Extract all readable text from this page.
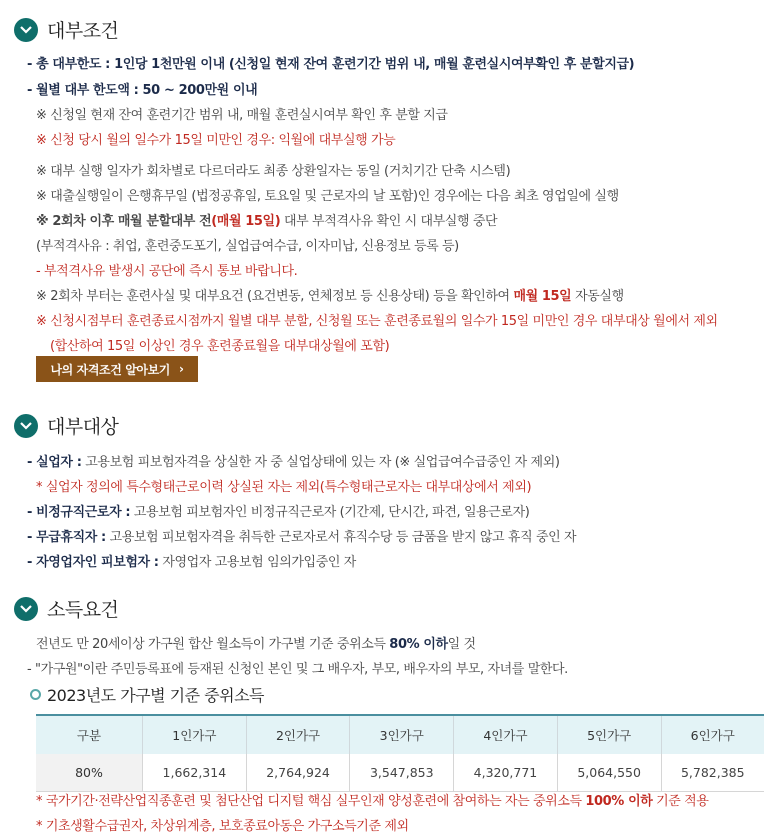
대부조건
- 총 대부한도 : 1인당 1천만원 이내 (신청일 현재 잔여 훈련기간 범위 내, 매월 훈련실시여부확인 후 분할지급)
- 월별 대부 한도액 : 50 ~ 200만원 이내
※ 신청일 현재 잔여 훈련기간 범위 내, 매월 훈련실시여부 확인 후 분할 지급
※ 신청 당시 월의 일수가 15일 미만인 경우: 익월에 대부실행 가능
※ 대부 실행 일자가 회차별로 다르더라도 최종 상환일자는 동일 (거치기간 단축 시스템)
※ 대출실행일이 은행휴무일 (법정공휴일, 토요일 및 근로자의 날 포함)인 경우에는 다음 최초 영업일에 실행
※ 2회차 이후 매월 분할대부 전(매월 15일) 대부 부적격사유 확인 시 대부실행 중단
(부적격사유 : 취업, 훈련중도포기, 실업급여수급, 이자미납, 신용정보 등록 등)
- 부적격사유 발생시 공단에 즉시 통보 바랍니다.
※ 2회차 부터는 훈련사실 및 대부요건 (요건변동, 연체정보 등 신용상태) 등을 확인하여 매월 15일 자동실행
※ 신청시점부터 훈련종료시점까지 월별 대부 분할, 신청월 또는 훈련종료월의 일수가 15일 미만인 경우 대부대상 월에서 제외
(합산하여 15일 이상인 경우 훈련종료월을 대부대상월에 포함)
나의 자격조건 알아보기 ›
대부대상
- 실업자 : 고용보험 피보험자격을 상실한 자 중 실업상태에 있는 자 (※ 실업급여수급중인 자 제외)
* 실업자 정의에 특수형태근로이력 상실된 자는 제외(특수형태근로자는 대부대상에서 제외)
- 비정규직근로자 : 고용보험 피보험자인 비정규직근로자 (기간제, 단시간, 파견, 일용근로자)
- 무급휴직자 : 고용보험 피보험자격을 취득한 근로자로서 휴직수당 등 금품을 받지 않고 휴직 중인 자
- 자영업자인 피보험자 : 자영업자 고용보험 임의가입중인 자
소득요건
전년도 만 20세이상 가구원 합산 월소득이 가구별 기준 중위소득 80% 이하일 것
- "가구원"이란 주민등록표에 등재된 신청인 본인 및 그 배우자, 부모, 배우자의 부모, 자녀를 말한다.
2023년도 가구별 기준 중위소득
구분	1인가구	2인가구	3인가구	4인가구	5인가구	6인가구
80%	1,662,314	2,764,924	3,547,853	4,320,771	5,064,550	5,782,385
* 국가기간·전략산업직종훈련 및 첨단산업 디지털 핵심 실무인재 양성훈련에 참여하는 자는 중위소득 100% 이하 기준 적용
* 기초생활수급권자, 차상위계층, 보호종료아동은 가구소득기준 제외
